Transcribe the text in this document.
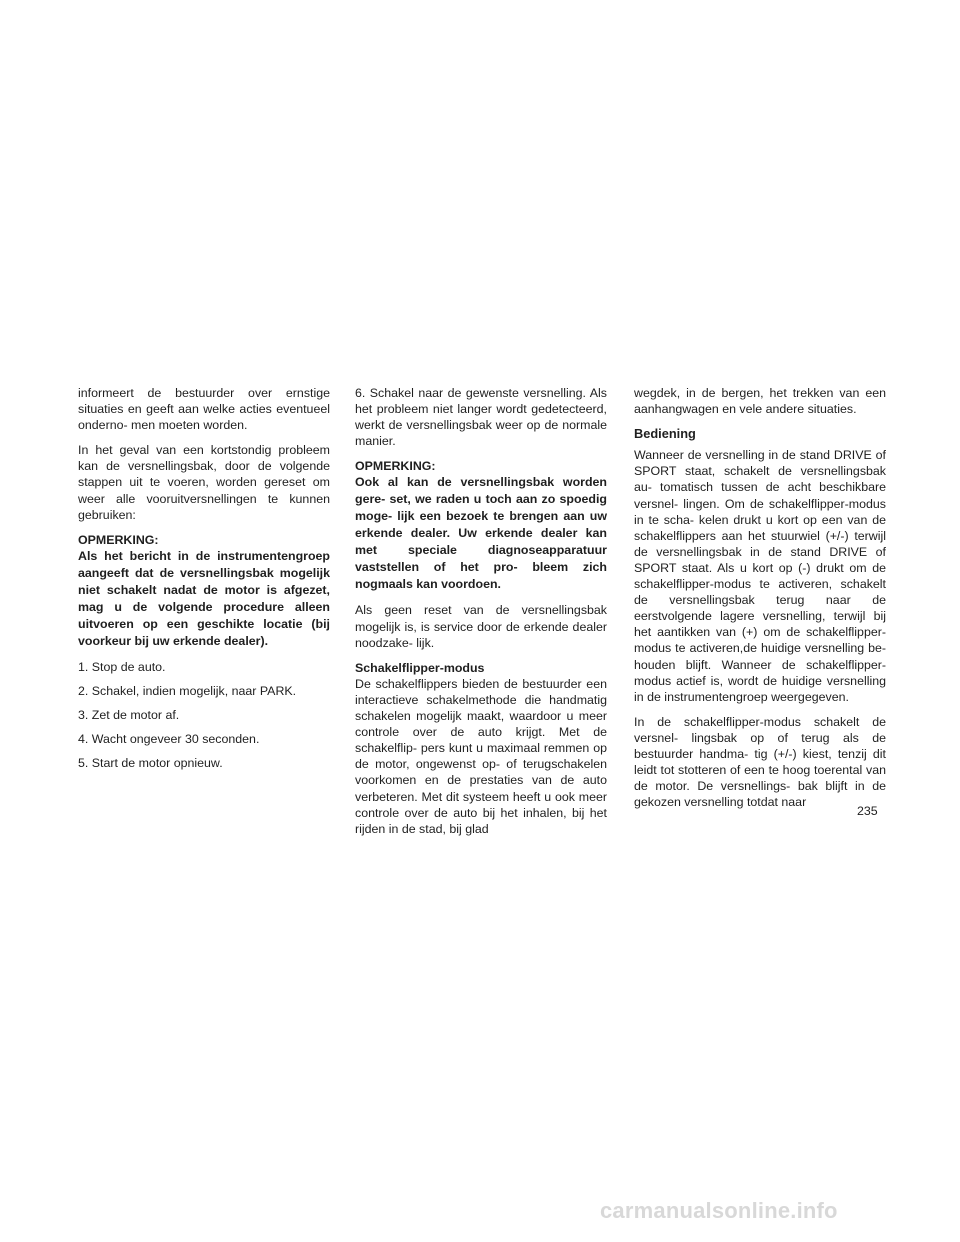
informeert de bestuurder over ernstige situaties en geeft aan welke acties eventueel onderno- men moeten worden.

In het geval van een kortstondig probleem kan de versnellingsbak, door de volgende stappen uit te voeren, worden gereset om weer alle vooruitversnellingen te kunnen gebruiken:

OPMERKING:
Als het bericht in de instrumentengroep aangeeft dat de versnellingsbak mogelijk niet schakelt nadat de motor is afgezet, mag u de volgende procedure alleen uitvoeren op een geschikte locatie (bij voorkeur bij uw erkende dealer).
1. Stop de auto.
2. Schakel, indien mogelijk, naar PARK.
3. Zet de motor af.
4. Wacht ongeveer 30 seconden.
5. Start de motor opnieuw.

6. Schakel naar de gewenste versnelling. Als het probleem niet langer wordt gedetecteerd, werkt de versnellingsbak weer op de normale manier.

OPMERKING:
Ook al kan de versnellingsbak worden gere- set, we raden u toch aan zo spoedig moge- lijk een bezoek te brengen aan uw erkende dealer. Uw erkende dealer kan met speciale diagnoseapparatuur vaststellen of het pro- bleem zich nogmaals kan voordoen.

Als geen reset van de versnellingsbak mogelijk is, is service door de erkende dealer noodzake- lijk.

Schakelflipper-modus

De schakelflippers bieden de bestuurder een interactieve schakelmethode die handmatig schakelen mogelijk maakt, waardoor u meer controle over de auto krijgt. Met de schakelflip- pers kunt u maximaal remmen op de motor, ongewenst op- of terugschakelen voorkomen en de prestaties van de auto verbeteren. Met dit systeem heeft u ook meer controle over de auto bij het inhalen, bij het rijden in de stad, bij glad

wegdek, in de bergen, het trekken van een aanhangwagen en vele andere situaties.

Bediening

Wanneer de versnelling in de stand DRIVE of SPORT staat, schakelt de versnellingsbak au- tomatisch tussen de acht beschikbare versnel- lingen. Om de schakelflipper-modus in te scha- kelen drukt u kort op een van de schakelflippers aan het stuurwiel (+/-) terwijl de versnellingsbak in de stand DRIVE of SPORT staat. Als u kort op (-) drukt om de schakelflipper-modus te activeren, schakelt de versnellingsbak terug naar de eerstvolgende lagere versnelling, terwijl bij het aantikken van (+) om de schakelflipper- modus te activeren,de huidige versnelling be- houden blijft. Wanneer de schakelflipper-modus actief is, wordt de huidige versnelling in de instrumentengroep weergegeven.

In de schakelflipper-modus schakelt de versnel- lingsbak op of terug als de bestuurder handma- tig (+/-) kiest, tenzij dit leidt tot stotteren of een te hoog toerental van de motor. De versnellings- bak blijft in de gekozen versnelling totdat naar

235
carmanualsonline.info
